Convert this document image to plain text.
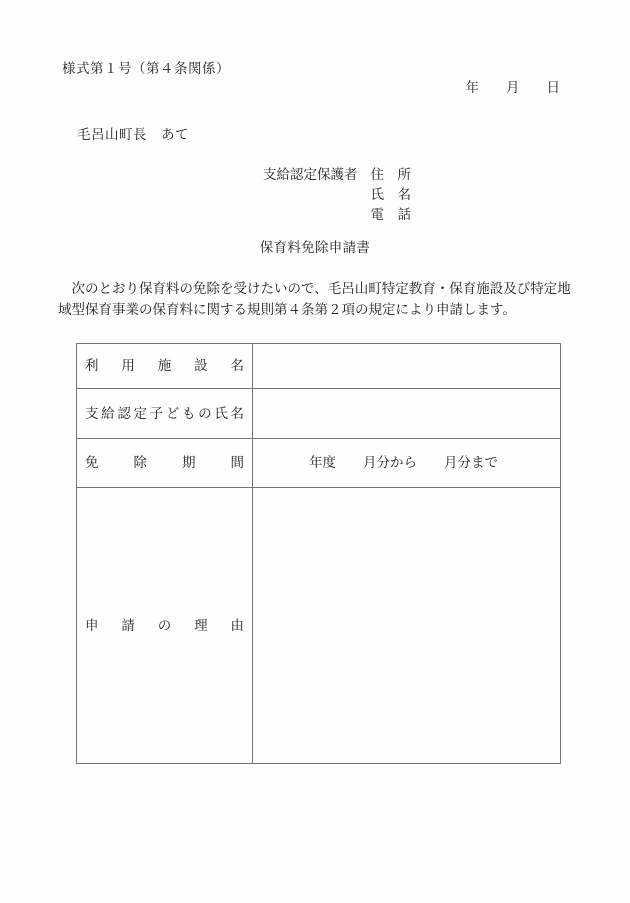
様式第１号（第４条関係）
年　　月　　日
毛呂山町長　あて
支給認定保護者 住　所
氏　名
電　話
保育料免除申請書
　次のとおり保育料の免除を受けたいので、毛呂山町特定教育・保育施設及び特定地
域型保育事業の保育料に関する規則第４条第２項の規定により申請します。
利用施設名	
支給認定子どもの氏名	
免除期間	年度　　月分から　　月分まで
申請の理由	
